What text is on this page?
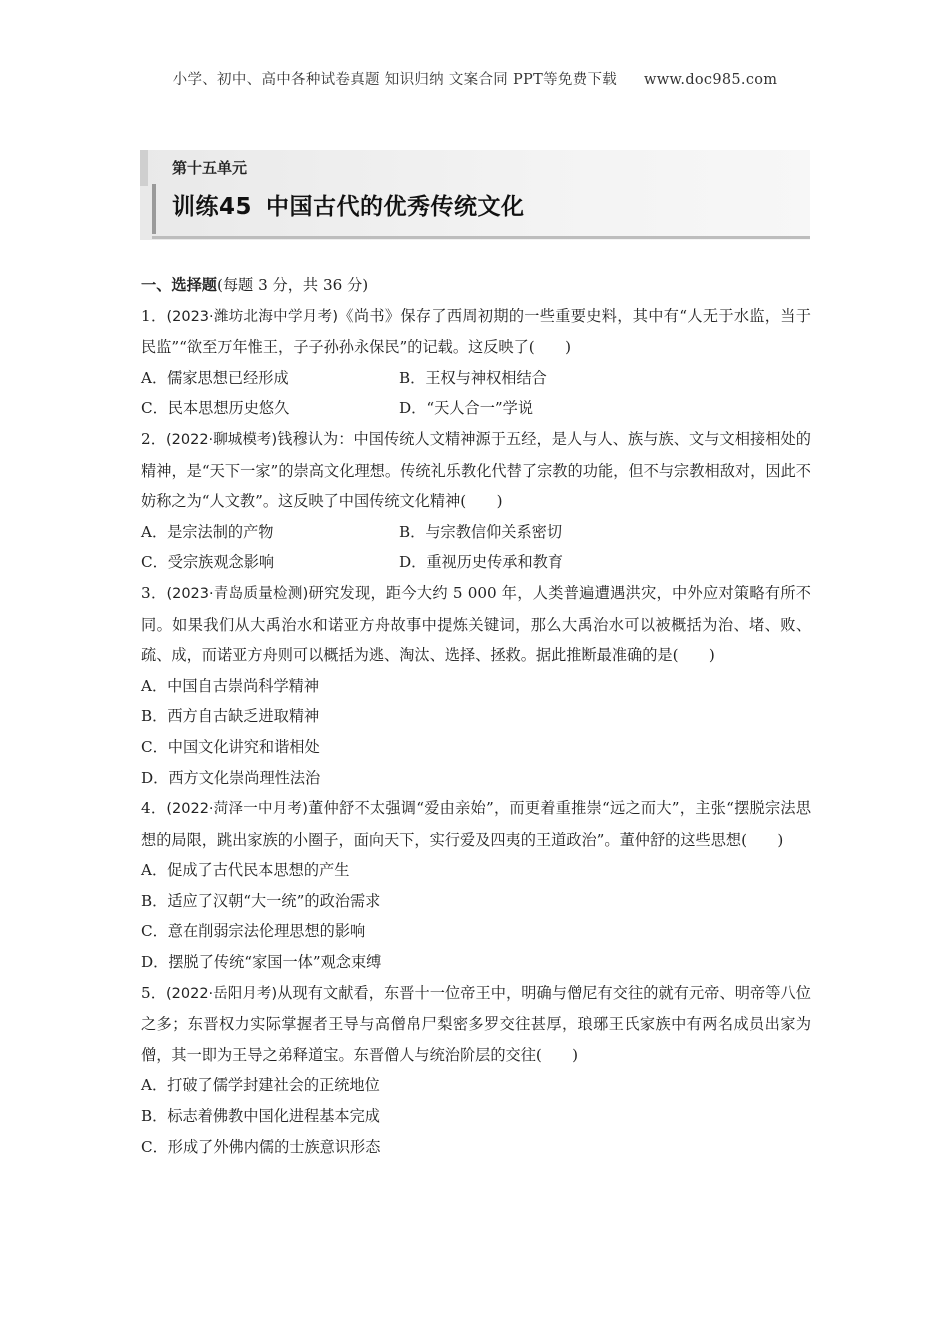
小学、初中、高中各种试卷真题 知识归纳 文案合同 PPT等免费下载 www.doc985.com
第十五单元
训练45 中国古代的优秀传统文化
一、选择题(每题 3 分，共 36 分)
1．(2023·潍坊北海中学月考)《尚书》保存了西周初期的一些重要史料，其中有“人无于水监，当于民监”“欲至万年惟王，子子孙孙永保民”的记载。这反映了(　　)
A．儒家思想已经形成	B．王权与神权相结合
C．民本思想历史悠久	D．“天人合一”学说
2．(2022·聊城模考)钱穆认为：中国传统人文精神源于五经，是人与人、族与族、文与文相接相处的精神，是“天下一家”的崇高文化理想。传统礼乐教化代替了宗教的功能，但不与宗教相敌对，因此不妨称之为“人文教”。这反映了中国传统文化精神(　　)
A．是宗法制的产物	B．与宗教信仰关系密切
C．受宗族观念影响	D．重视历史传承和教育
3．(2023·青岛质量检测)研究发现，距今大约 5 000 年，人类普遍遭遇洪灾，中外应对策略有所不同。如果我们从大禹治水和诺亚方舟故事中提炼关键词，那么大禹治水可以被概括为治、堵、败、疏、成，而诺亚方舟则可以概括为逃、淘汰、选择、拯救。据此推断最准确的是(　　)
A．中国自古崇尚科学精神
B．西方自古缺乏进取精神
C．中国文化讲究和谐相处
D．西方文化崇尚理性法治
4．(2022·菏泽一中月考)董仲舒不太强调“爱由亲始”，而更着重推崇“远之而大”，主张“摆脱宗法思想的局限，跳出家族的小圈子，面向天下，实行爱及四夷的王道政治”。董仲舒的这些思想(　　)
A．促成了古代民本思想的产生
B．适应了汉朝“大一统”的政治需求
C．意在削弱宗法伦理思想的影响
D．摆脱了传统“家国一体”观念束缚
5．(2022·岳阳月考)从现有文献看，东晋十一位帝王中，明确与僧尼有交往的就有元帝、明帝等八位之多；东晋权力实际掌握者王导与高僧帛尸梨密多罗交往甚厚，琅琊王氏家族中有两名成员出家为僧，其一即为王导之弟释道宝。东晋僧人与统治阶层的交往(　　)
A．打破了儒学封建社会的正统地位
B．标志着佛教中国化进程基本完成
C．形成了外佛内儒的士族意识形态
